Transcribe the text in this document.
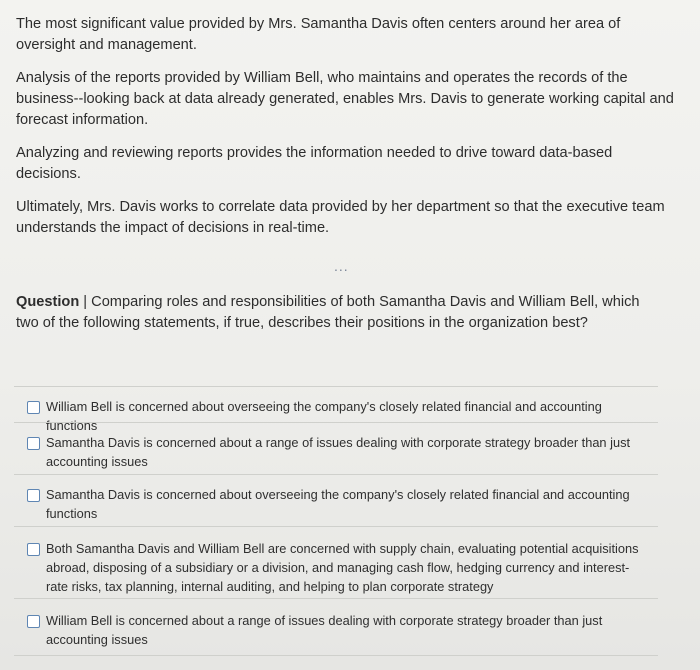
The most significant value provided by Mrs. Samantha Davis often centers around her area of oversight and management.

Analysis of the reports provided by William Bell, who maintains and operates the records of the business--looking back at data already generated, enables Mrs. Davis to generate working capital and forecast information.

Analyzing and reviewing reports provides the information needed to drive toward data-based decisions.

Ultimately, Mrs. Davis works to correlate data provided by her department so that the executive team understands the impact of decisions in real-time.

...
Question | Comparing roles and responsibilities of both Samantha Davis and William Bell, which two of the following statements, if true, describes their positions in the organization best?
William Bell is concerned about overseeing the company's closely related financial and accounting functions
Samantha Davis is concerned about a range of issues dealing with corporate strategy broader than just accounting issues
Samantha Davis is concerned about overseeing the company's closely related financial and accounting functions
Both Samantha Davis and William Bell are concerned with supply chain, evaluating potential acquisitions abroad, disposing of a subsidiary or a division, and managing cash flow, hedging currency and interest-rate risks, tax planning, internal auditing, and helping to plan corporate strategy
William Bell is concerned about a range of issues dealing with corporate strategy broader than just accounting issues
